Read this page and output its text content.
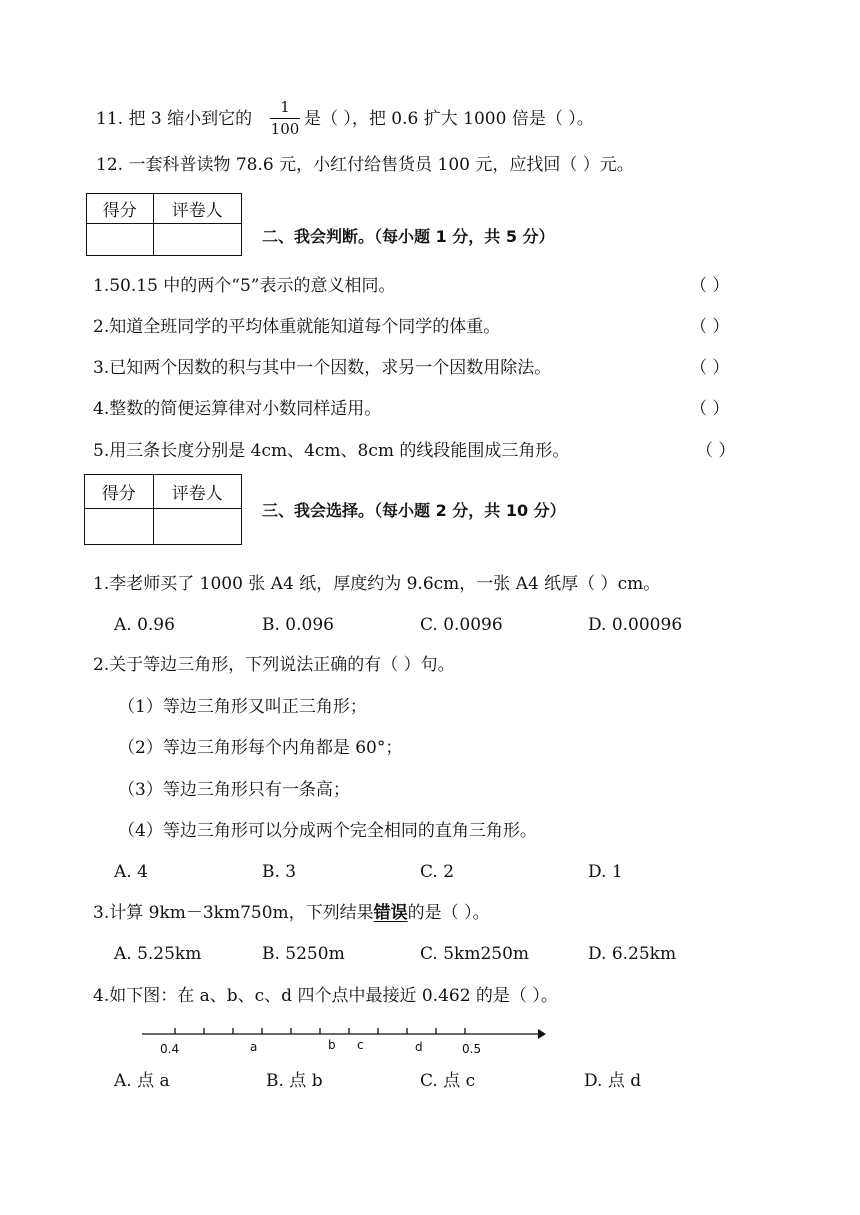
11. 把 3 缩小到它的
1
100 是（ ），把 0.6 扩大 1000 倍是（ ）。
12. 一套科普读物 78.6 元，小红付给售货员 100 元，应找回（ ）元。
得分	评卷人

二、我会判断。（每小题 1 分，共 5 分）
1.50.15 中的两个“5”表示的意义相同。	（ ）
2.知道全班同学的平均体重就能知道每个同学的体重。	（ ）
3.已知两个因数的积与其中一个因数，求另一个因数用除法。	（ ）
4.整数的简便运算律对小数同样适用。	（ ）
5.用三条长度分别是 4cm、4cm、8cm 的线段能围成三角形。	（ ）
得分	评卷人

三、我会选择。（每小题 2 分，共 10 分）
1.李老师买了 1000 张 A4 纸，厚度约为 9.6cm，一张 A4 纸厚（ ）cm。
A. 0.96	B. 0.096	C. 0.0096	D. 0.00096
2.关于等边三角形，下列说法正确的有（ ）句。
（1）等边三角形又叫正三角形；
（2）等边三角形每个内角都是 60°；
（3）等边三角形只有一条高；
（4）等边三角形可以分成两个完全相同的直角三角形。
A. 4	B. 3	C. 2	D. 1
3.计算 9km－3km750m，下列结果错误的是（ ）。
A. 5.25km	B. 5250m	C. 5km250m	D. 6.25km
4.如下图：在 a、b、c、d 四个点中最接近 0.462 的是（ ）。
0.4	a	b c	d	0.5
A. 点 a	B. 点 b	C. 点 c	D. 点 d
